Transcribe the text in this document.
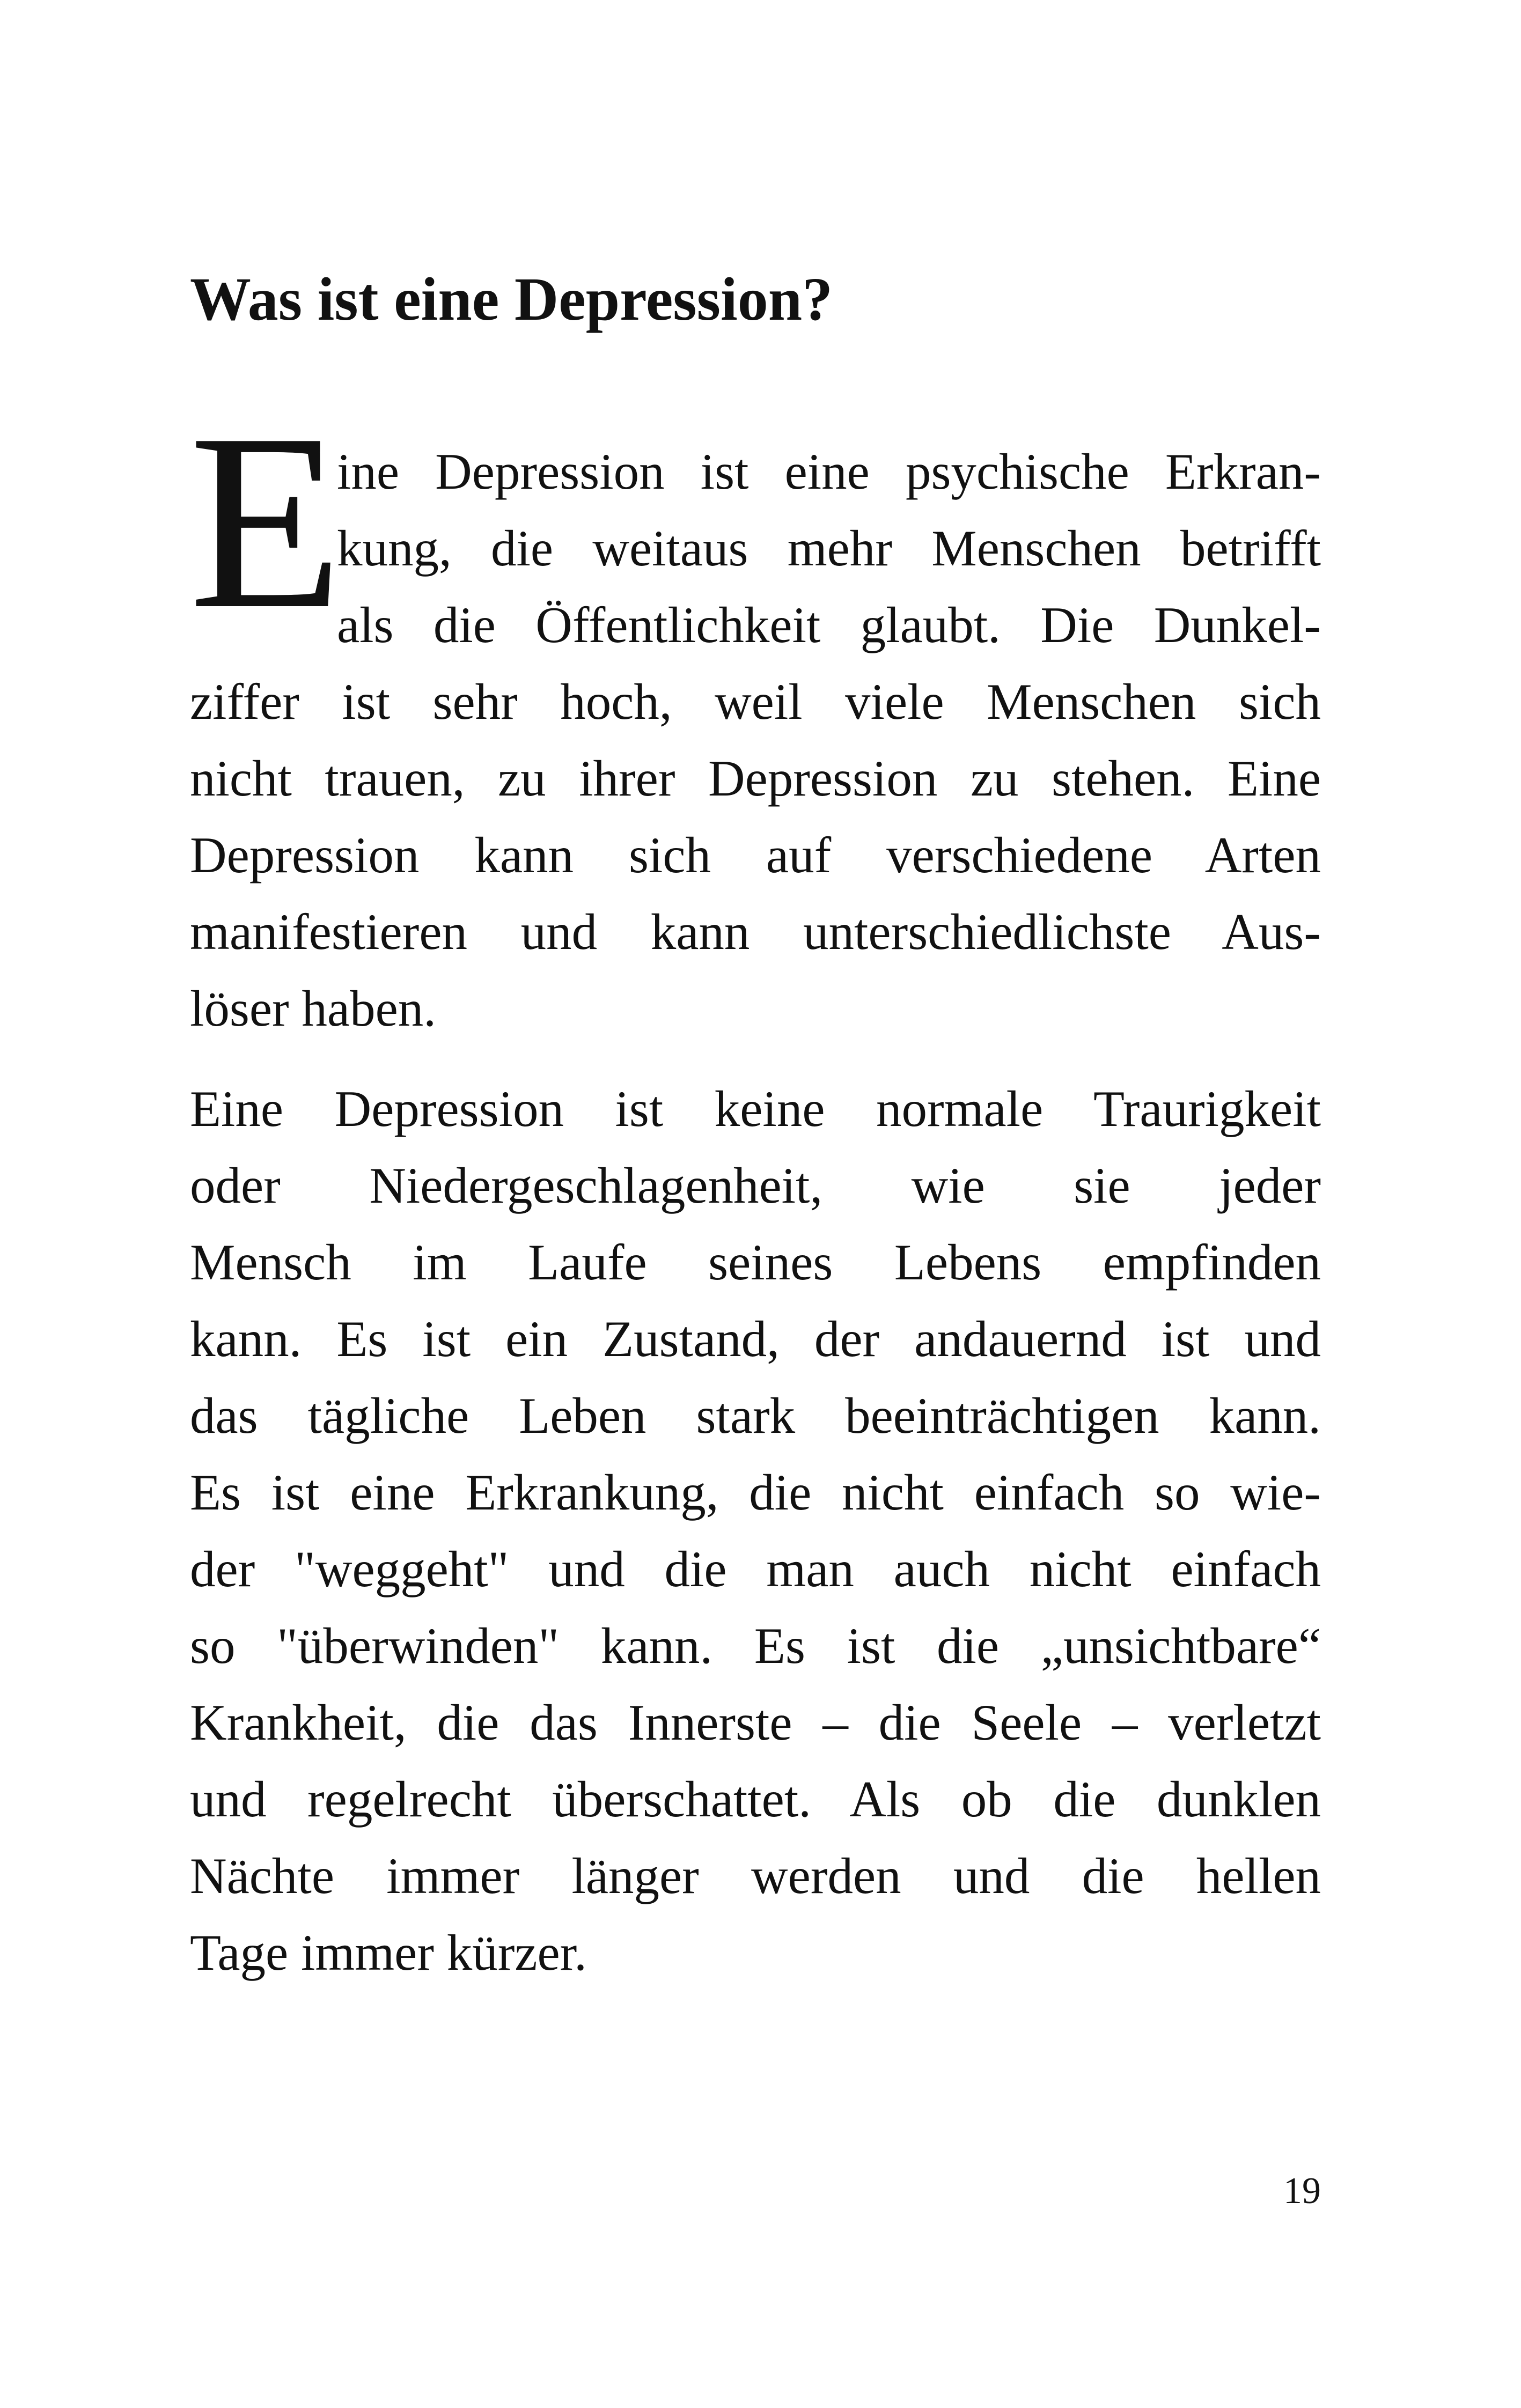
Was ist eine Depression?
E
ine Depression ist eine psychische Erkran-
kung, die weitaus mehr Menschen betrifft
als die Öffentlichkeit glaubt. Die Dunkel-
ziffer ist sehr hoch, weil viele Menschen sich
nicht trauen, zu ihrer Depression zu stehen. Eine
Depression kann sich auf verschiedene Arten
manifestieren und kann unterschiedlichste Aus-
löser haben.
Eine Depression ist keine normale Traurigkeit
oder Niedergeschlagenheit, wie sie jeder
Mensch im Laufe seines Lebens empfinden
kann. Es ist ein Zustand, der andauernd ist und
das tägliche Leben stark beeinträchtigen kann.
Es ist eine Erkrankung, die nicht einfach so wie-
der "weggeht" und die man auch nicht einfach
so "überwinden" kann. Es ist die „unsichtbare“
Krankheit, die das Innerste – die Seele – verletzt
und regelrecht überschattet. Als ob die dunklen
Nächte immer länger werden und die hellen
Tage immer kürzer.
19
